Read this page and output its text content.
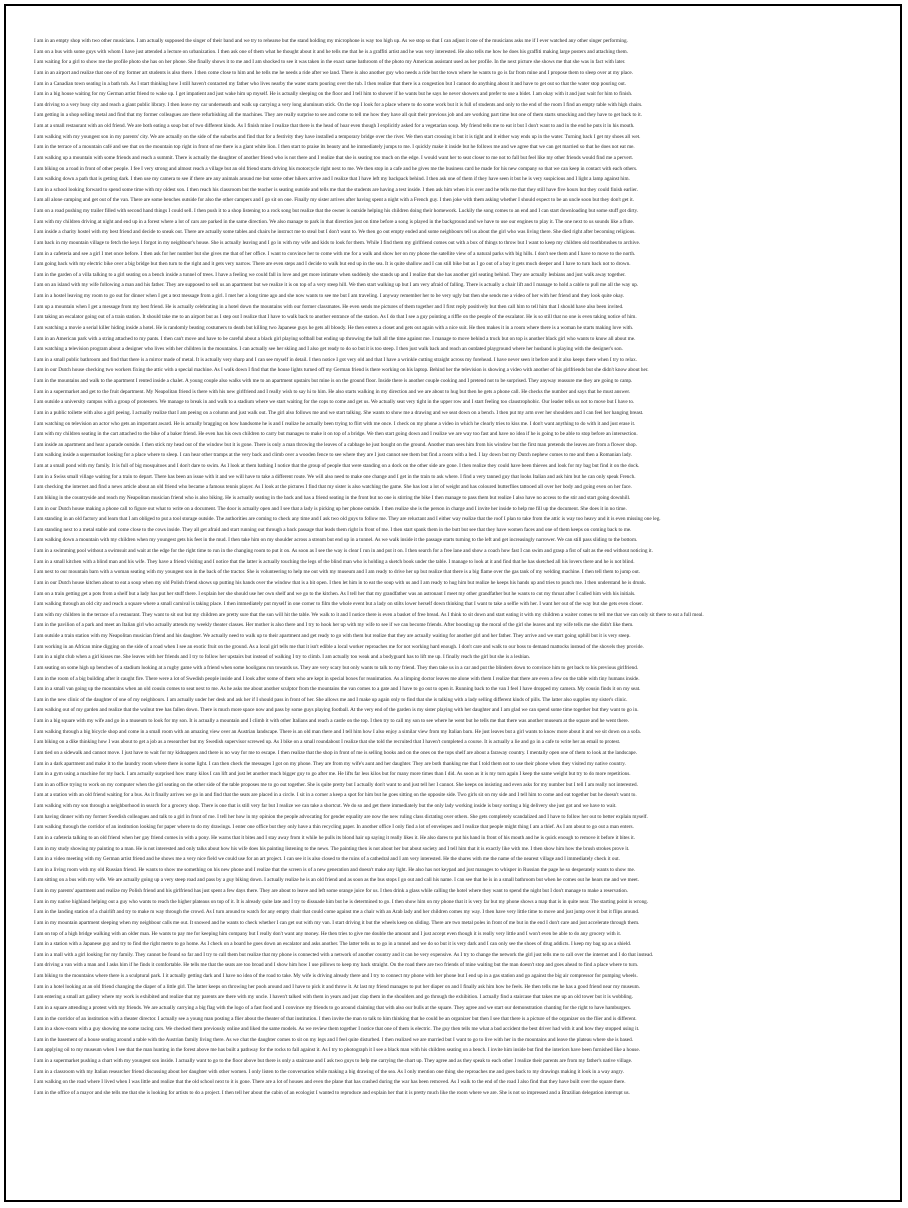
I am in an empty shop with two other musicians. I am actually supposed the singer of their band and we try to rehearse but the stand holding my microphone is way too high up. As we stop so that I can adjust it one of the musicians asks me if I ever watched any other singer performing.
I am on a bus with some guys with whom I have just attended a lecture on urbanization. I then ask one of them what he thought about it and he tells me that he is a graffiti artist and he was very interested. He also tells me how he does his graffiti making large posters and attaching them.
I am waiting for a girl to show me the profile photo she has on her phone. She finally shows it to me and I am shocked to see it was taken in the exact same bathroom of the photo my American assistant used as her profile. In the next picture she shows me that she was in fact with later.
I am in an airport and realize that one of my former art students is also there. I then come close to him and he tells me he needs a ride after we land. There is also another guy who needs a ride but the town where he wants to go is far from mine and I propose them to sleep over at my place.
I am in a Canadian town seating in a bath tub. As I start thinking how I still haven't contacted my father who lives nearby the water starts pouring over the tub. I then realize that there is a congestion but I cannot do anything about it and have to get out so that the water stop pouring out.
I am in a big house waiting for my German artist friend to wake up. I get impatient and just wake him up myself. He is actually sleeping on the floor and I tell him to shower if he wants but he says he never showers and prefer to use a bidet. I am okay with it and just wait for him to finish.
I am driving to a very busy city and reach a giant public library. I then leave my car underneath and walk up carrying a very long aluminum stick. On the top I look for a place where to do some work but it is full of students and only to the end of the room I find an empty table with high chairs.
I am getting in a shop selling metal and find that my former colleagues are there refurbishing all the machines. They are really surprise to see and come to tell me how they have all quit their previous job and are working part time but one of them starts smocking and they have to get back to it.
I am at a small restaurant with an old friend. We are both eating a soup but of two different kinds. As I finish mine I realize that there is the head of hoar even though I explicitly asked for a vegetarian soup. My friend tells me to eat it but I don't want to and in the end he puts it in his mouth.
I am walking with my youngest son in my parents' city. We are actually on the side of the suburbs and find that for a festivity they have installed a temporary bridge over the river. We then start crossing it but it is tight and it either way ends up in the water. Turning back I get my shoes all wet.
I am in the terrace of a mountain café and see that on the mountain top right in front of me there is a giant white lion. I then start to praise its beauty and he immediately jumps to me. I quickly make it inside but he follows me and we agree that we can get married so that he does not eat me.
I am walking up a mountain with some friends and reach a summit. There is actually the daughter of another friend who is not there and I realize that she is seating too much on the edge. I would want her to seat closer to me not to fall but feel like my other friends would find me a pervert.
I am biking on a road in front of other people. I fee I very strong and almost reach a village but an old friend starts driving his motorcycle right next to me. We then stop in a cafe and he gives me the business card he made for his new company so that we can keep in contact with each others.
I am walking down a path that is getting dark. I then use my camera to see if there are any animals around me but some other hikers arrive and I realize that I have left my backpack behind. I then ask one of them if they have seen it but he is very suspicious and I light a lamp against him.
I am in a school looking forward to spend some time with my oldest son. I then reach his classroom but the teacher is seating outside and tells me that the students are having a test inside. I then ask him when it is over and he tells me that they still have five hours but they could finish earlier.
I am all alone camping and get out of the van. There are some benches outside for also the other campers and I go sit on one. Finally my sister arrives after having spent a night with a French guy. I then joke with them asking whether I should expect to be an uncle soon but they don't get it.
I am on a road pushing my trailer filled with second hand things I could sell. I then push it to a shop listening to a rock song but realize that the owner is outside helping his children doing their homework. Luckily the song comes to an end and I can start downloading but some stuff got dirty.
I am with my children driving at night and end up in a forest where a lot of cars are parked in the same direction. We also manage to park in that direction just on time before a song is played in the background and we have to use our engines to play it. The one next to us sounds like a flute.
I am inside a charity hostel with my best friend and decide to sneak out. There are actually some tables and chairs he instruct me to steal but I don't want to. We then go out empty ended and some neighbours tell us about the girl who was living there. She died right after becoming religious.
I am back in my mountain village to fetch the keys I forgot in my neighbour's house. She is actually leaving and I go in with my wife and kids to look for them. While I find them my girlfriend comes out with a box of things to throw but I want to keep my children old toothbrushes to archive.
I am in a cafeteria and see a girl I met once before. I then ask for her number but she gives me that of her office. I want to convince her to come with me for a walk and show her on my phone the satellite view of a natural parks with big hills. I don't see them and I have to move to the north.
I am going back with my electric bike over a big bridge but then turn to the right and it gets very narrow. There are even steps and I decide to walk but end up in the sea. It is quite shallow and I can still bike but as I go out of a bay it gets much deeper and I have to turn back not to drown.
I am in the garden of a villa talking to a girl seating on a bench inside a tunnel of trees. I have a feeling we could fall in love and get more intimate when suddenly she stands up and I realize that she has another girl seating behind. They are actually lesbians and just walk away together.
I am on an island with my wife following a man and his father. They are supposed to sell us an apartment but we realize it is on top of a very steep hill. We then start walking up but I am very afraid of falling. There is actually a chair lift and I manage to hold a cable to pull me all the way up.
I am in a hostel leaving my room to go out for dinner when I get a text message from a girl. I met her a long time ago and she now wants to see me but I am traveling. I anyway remember her to be very ugly but then she sends me a video of her with her friend and they look quite okay.
I am up a mountain when I get a message from my best friend. He is actually celebrating in a hotel down the mountains with our former classmates. He even sends me pictures of them together and I first reply positively but then call him to tell him that I should have also been invited.
I am taking an escalator going out of a train station. It should take me to an airport but as I step out I realize that I have to walk back to another entrance of the station. As I do that I see a guy pointing a riffle on the people of the escalator. He is so still that no one is even taking notice of him.
I am watching a movie a serial killer hiding inside a hotel. He is randomly beating costumers to death but killing two Japanese guys he gets all bloody. He then enters a closet and gets out again with a nice suit. He then makes it in a room where there is a woman he starts making love with.
I am in an American park with a string attached to my pants. I then can't move and have to be careful about a black girl playing softball but ending up throwing the ball all the time against me. I manage to move behind a truck but on top is another black girl who wants to know all about me.
I am watching a television program about a designer who lives with her children in the mountains. I can actually see her skiing and I also get ready to do so but it is too steep. I then just walk back and reach an outdated playground where her husband is playing with the designer's son.
I am in a small public bathroom and find that there is a mirror made of metal. It is actually very sharp and I can see myself in detail. I then notice I got very old and that I have a wrinkle cutting straight across my forehead. I have never seen it before and it also keeps there when I try to relax.
I am in our Dutch house checking two workers fixing the attic with a special machine. As I walk down I find that the house lights turned off my German friend is there working on his laptop. Behind her the television is showing a video with another of his girlfriends but she didn't know about her.
I am in the mountains and walk to the apartment I rented inside a chalet. A young couple also walks with me to an apartment upstairs but mine is on the ground floor. Inside there is another couple cooking and I pretend not to be surprised. They anyway reassure me they are going to camp.
I am in a supermarket and get to the fruit department. My Neapolitan friend is there with his new girlfriend and I really wish to say hi to him. He also starts walking in my direction and we are about to hug but then he gets a phone call. He checks the number and says that he must answer.
I am outside a university campus with a group of protesters. We manage to break in and walk to a stadium where we start waiting for the cops to come and get us. We actually seat very tight in the upper row and I start feeling too claustrophobic. Our leader tells us not to move but I have to.
I am in a public toilette with also a girl peeing. I actually realize that I am peeing on a column and just walk out. The girl also follows me and we start talking. She wants to show me a drawing and we seat down on a bench. I then put my arm over her shoulders and I can feel her hanging breast.
I am watching on television an actor who gets an important award. He is actually bragging on how handsome he is and I realize he actually been trying to flirt with me once. I check on my phone a video in which he clearly tries to kiss me. I don't want anything to do with it and just erase it.
I am with my children seating in the cart attached to the bike of a baker friend. He even has his own children to carry but manages to make it on top of a bridge. We then start going down and I realize we are way too fast and have no idea if he is going to be able to stop before an intersection.
I am inside an apartment and hear a parade outside. I then stick my head out of the window but it is gone. There is only a man throwing the leaves of a cabbage he just bought on the ground. Another man sees him from his window but the first man pretends the leaves are from a flower shop.
I am walking inside a supermarket looking for a place where to sleep. I can hear other tramps at the very back and climb over a wooden fence to see where they are I just cannot see them but find a room with a bed. I lay down but my Dutch nephew comes to me and then a Romanian lady.
I am at a small pond with my family. It is full of big mosquitoes and I don't dare to swim. As I look at them bathing I notice that the group of people that were standing on a dock on the other side are gone. I then realize they could have been thieves and look for my bag but find it on the dock.
I am in a Swiss small village waiting for a train to depart. There has been an issue with it and we will have to take a different route. We will also need to make one change and I get in the train to ask where. I find a very tanned guy that looks Italian and ask him but he can only speak French.
I am checking the internet and find a news article about an old friend who became a famous tennis player. As I look at the pictures I find that my sister is also watching the game. She has lost a lot of weight and has coloured butterflies tattooed all over her body and going even on her face.
I am biking in the countryside and reach my Neapolitan musician friend who is also biking. He is actually seating in the back and has a friend seating in the front but no one is stirring the bike I then manage to pass them but realize I also have no access to the stir and start going downhill.
I am in our Dutch house making a phone call to figure out what to write on a document. The door is actually open and I see that a lady is picking up her phone outside. I then realize she is the person in charge and I invite her inside to help me fill up the document. She does it in no time.
I am standing in an old factory and learn that I am obliged to put a tool storage outside. The authorities are coming to check any time and I ask two old guys to follow me. They are reluctant and I either way realize that the roof I plan to take from the attic is way too heavy and it is even missing one leg.
I am standing next to a metal stable and come close to the cows inside. They all get afraid and start running out through a back passage that leads them right in front of me. I then start spank them in the butt but see that they have women faces and one of them keeps on coming back to me.
I am walking down a mountain with my children when my youngest gets his feet in the mud. I then take him on my shoulder across a stream but end up in a tunnel. As we walk inside it the passage starts turning to the left and get increasingly narrower. We can still pass sliding to the bottom.
I am in a swimming pool without a swimsuit and wait at the edge for the right time to run in the changing room to put it on. As soon as I see the way is clear I run in and put it on. I then search for a free lane and show a coach how fast I can swim and grasp a fist of salt as the end without noticing it.
I am in a small kitchen with a blind man and his wife. They have a friend visiting and I notice that the latter is actually touching the legs of the blind man who is holding a sketch book under the table. I manage to look at it and find that he has sketched all his lovers there and he is not blind.
I am next to our mountain barn with a woman seating with my youngest son in the back of the tractor. She is volunteering to help me out with my museum and I am ready to drive her up but realize that there is a big flame over the gas tank of my welding machine. I then tell them to jump out.
I am in our Dutch house kitchen about to eat a soup when my old Polish friend shows up putting his hands over the window that is a bit open. I then let him in to eat the soup with us and I am ready to hug him but realize he keeps his hands up and tries to punch me. I then understand he is drunk.
I am on a train getting get a pots from a shelf but a lady has put her stuff there. I explain her she should use her own shelf and we go to the kitchen. As I tell her that my grandfather was an astronaut I meet my other grandfather but he wants to cut my throat after I called him with his initials.
I am walking through an old city and reach a square where a small carnival is taking place. I then immediately put myself in one corner to film the whole event but a lady on stilts lower herself down thinking that I want to take a selfie with her. I want her out of the way but she gets even closer.
I am with my children in the terrace of a restaurant. They want to sit out but my children are pretty sure that the sun will hit the table. We walk to it and I notice there is even a basket of free bread. As I think to sit down and start eating it with my children a waiter comes to tell me that we can only sit there to eat a full meal.
I am in the pavilion of a park and meet an Italian girl who actually attends my weekly theater classes. Her mother is also there and I try to hook her up with my wife to see if we can become friends. After boosting up the moral of the girl she leaves and my wife tells me she didn't like them.
I am outside a train station with my Neapolitan musician friend and his daughter. We actually need to walk up to their apartment and get ready to go with them but realize that they are actually waiting for another girl and her father. They arrive and we start going uphill but it is very steep.
I am working in an African mine digging on the side of a road when I see an exotic fruit on the ground. As a local girl tells me that it isn't edible a local worker reproaches me for not working hard enough. I don't care and walk to our boss to demand mattocks instead of the shovels they provide.
I am in a night club when a girl kisses me. She leaves with her friends and I try to follow her upstairs but instead of walking I try to climb. I am actually too weak and a bodyguard has to lift me up. I finally reach the girl but she is a lesbian.
I am seating on some high up benches of a stadium looking at a rugby game with a friend when some hooligans run towards us. They are very scary but only wants to talk to my friend. They then take us in a car and put the blinders down to convince him to get back to his previous girlfriend.
I am in the room of a big building after it caught fire. There were a lot of Swedish people inside and I look after some of them who are kept in special boxes for reanimation. As a limping doctor leaves me alone with them I realize that there are even a few on the table with tiny humans inside.
I am in a small van going up the mountains when an old cousin comes to seat next to me. As he asks me about another sculptor from the mountains the van comes to a gate and I have to go out to open it. Running back to the van I feel I have dropped my camera. My cousin finds it on my seat.
I am in the new clinic of the daughter of one of my neighbours. I am actually under her desk and ask her if I should pass in front of her. She allows me and I make up again only to find that she is talking with a lady selling different kinds of pills. The latter also supplies my sister's clinic.
I am walking out of my garden and realize that the walnut tree has fallen down. There is much more space now and pass by some guys playing football. At the very end of the garden is my sister playing with her daughter and I am glad we can spend some time together but they want to go in.
I am in a big square with my wife and go in a museum to look for my son. It is actually a mountain and I climb it with other Italians and reach a castle on the top. I then try to call my son to see where he went but he tells me that there was another museum at the square and he went there.
I am walking through a big bicycle shop and come in a small room with an amazing view over an Austrian landscape. There is an old man there and I tell him how I also enjoy a similar view from my Italian barn. He just leaves but a girl wants to know more about it and we sit down on a sofa.
I am biking on a dike thinking how I was about to get a job as a researcher but my Swedish supervisor screwed up. As I bike on a small roundabout I realize that she told the recruited that I haven't completed a course. It is actually a lie and go in a cafe to write her an email to protest.
I am tied on a sidewalk and cannot move. I just have to wait for my kidnappers and there is no way for me to escape. I then realize that the shop in front of me is selling books and on the ones on the tops shelf are about a faraway country. I mentally open one of them to look at the landscape.
I am in a dark apartment and make it to the laundry room where there is some light. I can then check the messages I got on my phone. They are from my wife's aunt and her daughter. They are both thanking me that I told them not to use their phone when they visited my native country.
I am in a gym using a machine for my back. I am actually surprised how many kilos I can lift and just let another much bigger guy to go after me. He lifts far less kilos but for many more times than I did. As soon as it is my turn again I keep the same weight but try to do more repetitions.
I am in an office trying to work on my computer when the girl seating on the other side of the table proposes me to go out together. She is quite pretty but I actually don't want to and just tell her I cannot. She keeps on insisting and even asks for my number but I tell I am really not interested.
I am at a station with an old friend waiting for a bus. As it finally arrives we go in and find that the seats are placed in a circle. I sit in a corner a keep a spot for him but he goes sitting on the opposite side. Two girls sit on my side and I tell him to come and eat together but he doesn't want to.
I am walking with my son through a neighborhood in search for a grocery shop. There is one that is still very far but I realize we can take a shortcut. We do so and get there immediately but the only lady working inside is busy sorting a big delivery she just got and we have to wait.
I am having dinner with my former Swedish colleagues and talk to a girl in front of me. I tell her how in my opinion the people advocating for gender equality are now the new ruling class dictating over others. She gets completely scandalized and I have to follow her out to better explain myself.
I am walking through the corridor of an institution looking for paper where to do my drawings. I enter one office but they only have a thin recycling paper. In another office I only find a lot of envelopes and I realize that people might thing I am a thief. As I am about to go out a man enters.
I am in a cafeteria talking to an old friend when her gay friend comes in with a pony. He warns that it bites and I stay away from it while he pulls its blond hair up saying it really likes it. He also dares to put his hand in front of his mouth and he is quick enough to remove it before it bites it.
I am in my study showing my painting to a man. He is not interested and only talks about how his wife does his painting listening to the news. The painting then is not about her but about society and I tell him that it is exactly like with me. I then show him how the brush strokes prove it.
I am in a video meeting with my German artist friend and he shows me a very nice field we could use for an art project. I can see it is also closed to the ruins of a cathedral and I am very interested. He the shares with me the name of the nearest village and I immediately check it out.
I am in a living room with my old Russian friend. He wants to show me something on his new phone and I realize that the screen is of a new generation and doesn't make any light. He also has not keypad and just manages to whisper in Russian the page he so desperately wants to show me.
I am sitting on a bus with my wife. We are actually going up a very steep road and pass by a guy biking down. I actually realize he is an old friend and as soon as the bus stops I go out and call his name. I can see that he is in a small bathroom but when he comes out he hears me and we meet.
I am in my parents' apartment and realize my Polish friend and his girlfriend has just spent a few days there. They are about to leave and left some orange juice for us. I then drink a glass while calling the hotel where they want to spend the night but I don't manage to make a reservation.
I am in my native highland helping out a guy who wants to reach the higher plateaus on top of it. It is already quite late and I try to dissuade him but he is determined to go. I then show him on my phone that it is very far but my phone shows a map that is in quite near. The starting point is wrong.
I am in the landing station of a chairlift and try to make m way through the crowd. As I turn around to watch for any empty chair that could come against me a chair with an Arab lady and her children comes my way. I then have very little time to move and just jump over it but it flips around.
I am in my mountain apartment sleeping when my neighbour calls me out. It snowed and he wants to check whether I can get out with my van. I start driving it but the wheels keep on sliding. There are two metal poles in front of me but in the end I don't care and just accelerate through them.
I am on top of a high bridge walking with an older man. He wants to pay me for keeping him company but I really don't want any money. He then tries to give me double the amount and I just accept even though it is really very little and I won't even be able to do any grocery with it.
I am in a station with a Japanese guy and try to find the right metro to go home. As I check on a board he goes down an escalator and asks another. The latter tells us to go in a tunnel and we do so but it is very dark and I can only see the shoes of drug addicts. I keep my bag up as a shield.
I am in a mall with a girl looking for my family. They cannot be found so far and I try to call them but realize that my phone is connected with a network of another country and it can be very expensive. As I try to change the network the girl just tells me to call over the internet and I do that instead.
I am driving a van with a man and I asks him if he finds it comfortable. He tells me that the seats are too broad and I show him how I use pillows to keep my back straight. On the road there are two friends of mine waiting but the man doesn't stop and goes ahead to find a place where to turn.
I am biking to the mountains where there is a sculptural park. I it actually getting dark and I have no idea of the road to take. My wife is driving already there and I try to connect my phone with her phone but I end up in a gas station and go against the big air compressor for pumping wheels.
I am in a hotel looking at an old friend changing the diaper of a little girl. The latter keeps on throwing her pooh around and I have to pick it and throw it. At last my friend manages to put her diaper on and I finally ask him how he feels. He then tells me he has a good friend near my museum.
I am entering a small art gallery where my work is exhibited and realize that my parents are there with my uncle. I haven't talked with them in years and just clap them in the shoulders and go through the exhibition. I actually find a staircase that takes me up an old tower but it is wobbling.
I am in a square attending a protest with my friends. We are actually carrying a big flag with the logo of a fast food and I convince my friends to go around claiming that with also our bulls at the square. They agree and we start our demonstration chanting for the right to have hamburgers.
I am in the corridor of an institution with a theater director. I actually see a young man posting a flier about the theater of that institution. I then invite the man to talk to him thinking that he could be an organizer but then I see that there is a picture of the organizer on the flier and is different.
I am in a show-room with a guy showing me some racing cars. We checked them previously online and liked the same models. As we review them together I notice that one of them is electric. The guy then tells me what a bad accident the best driver had with it and how they stopped using it.
I am in the basement of a house seating around a table with the Austrian family living there. As we chat the daughter comes to sit on my legs and I feel quite disturbed. I then realized we are married but I want to go to live with her in the mountains and leave the plateau where she is based.
I am applying oil to my museum when I see that the man hunting in the forest above me has built a pathway for the rocks to fall against it. As I try to photograph it I see a black man with his children seating on a bench. I invite him inside but find the interiors have been furnished like a house.
I am in a supermarket pushing a chart with my youngest son inside. I actually want to go to the floor above but there is only a staircase and I ask two guys to help me carrying the chart up. They agree and as they speak to each other I realize their parents are from my father's native village.
I am in a classroom with my Italian researcher friend discussing about her daughter with other women. I only listen to the conversation while making a big drawing of the sea. As I only mention one thing she reproaches me and goes back to my drawings making it look in a way angry.
I am walking on the road where I lived when I was little and realize that the old school next to it is gone. There are a lot of houses and even the plane that has crashed during the war has been removed. As I walk to the end of the road I also find that they have built over the square there.
I am in the office of a mayor and she tells me that she is looking for artists to do a project. I then tell her about the cabin of an ecologist I wanted to reproduce and explain her that it is pretty much like the room where we are. She is not so impressed and a Brazilian delegation interrupt us.
